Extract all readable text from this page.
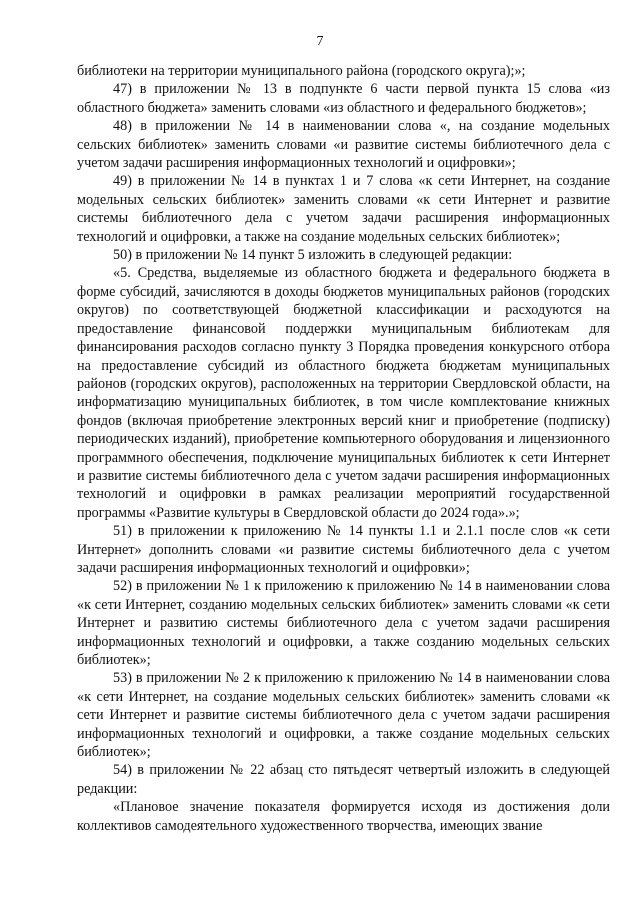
7

библиотеки на территории муниципального района (городского округа);»;

47) в приложении № 13 в подпункте 6 части первой пункта 15 слова «из областного бюджета» заменить словами «из областного и федерального бюджетов»;

48) в приложении № 14 в наименовании слова «, на создание модельных сельских библиотек» заменить словами «и развитие системы библиотечного дела с учетом задачи расширения информационных технологий и оцифровки»;

49) в приложении № 14 в пунктах 1 и 7 слова «к сети Интернет, на создание модельных сельских библиотек» заменить словами «к сети Интернет и развитие системы библиотечного дела с учетом задачи расширения информационных технологий и оцифровки, а также на создание модельных сельских библиотек»;

50) в приложении № 14 пункт 5 изложить в следующей редакции:

«5. Средства, выделяемые из областного бюджета и федерального бюджета в форме субсидий, зачисляются в доходы бюджетов муниципальных районов (городских округов) по соответствующей бюджетной классификации и расходуются на предоставление финансовой поддержки муниципальным библиотекам для финансирования расходов согласно пункту 3 Порядка проведения конкурсного отбора на предоставление субсидий из областного бюджета бюджетам муниципальных районов (городских округов), расположенных на территории Свердловской области, на информатизацию муниципальных библиотек, в том числе комплектование книжных фондов (включая приобретение электронных версий книг и приобретение (подписку) периодических изданий), приобретение компьютерного оборудования и лицензионного программного обеспечения, подключение муниципальных библиотек к сети Интернет и развитие системы библиотечного дела с учетом задачи расширения информационных технологий и оцифровки в рамках реализации мероприятий государственной программы «Развитие культуры в Свердловской области до 2024 года».»;

51) в приложении к приложению № 14 пункты 1.1 и 2.1.1 после слов «к сети Интернет» дополнить словами «и развитие системы библиотечного дела с учетом задачи расширения информационных технологий и оцифровки»;

52) в приложении № 1 к приложению к приложению № 14 в наименовании слова «к сети Интернет, созданию модельных сельских библиотек» заменить словами «к сети Интернет и развитию системы библиотечного дела с учетом задачи расширения информационных технологий и оцифровки, а также созданию модельных сельских библиотек»;

53) в приложении № 2 к приложению к приложению № 14 в наименовании слова «к сети Интернет, на создание модельных сельских библиотек» заменить словами «к сети Интернет и развитие системы библиотечного дела с учетом задачи расширения информационных технологий и оцифровки, а также создание модельных сельских библиотек»;

54) в приложении № 22 абзац сто пятьдесят четвертый изложить в следующей редакции:

«Плановое значение показателя формируется исходя из достижения доли коллективов самодеятельного художественного творчества, имеющих звание
